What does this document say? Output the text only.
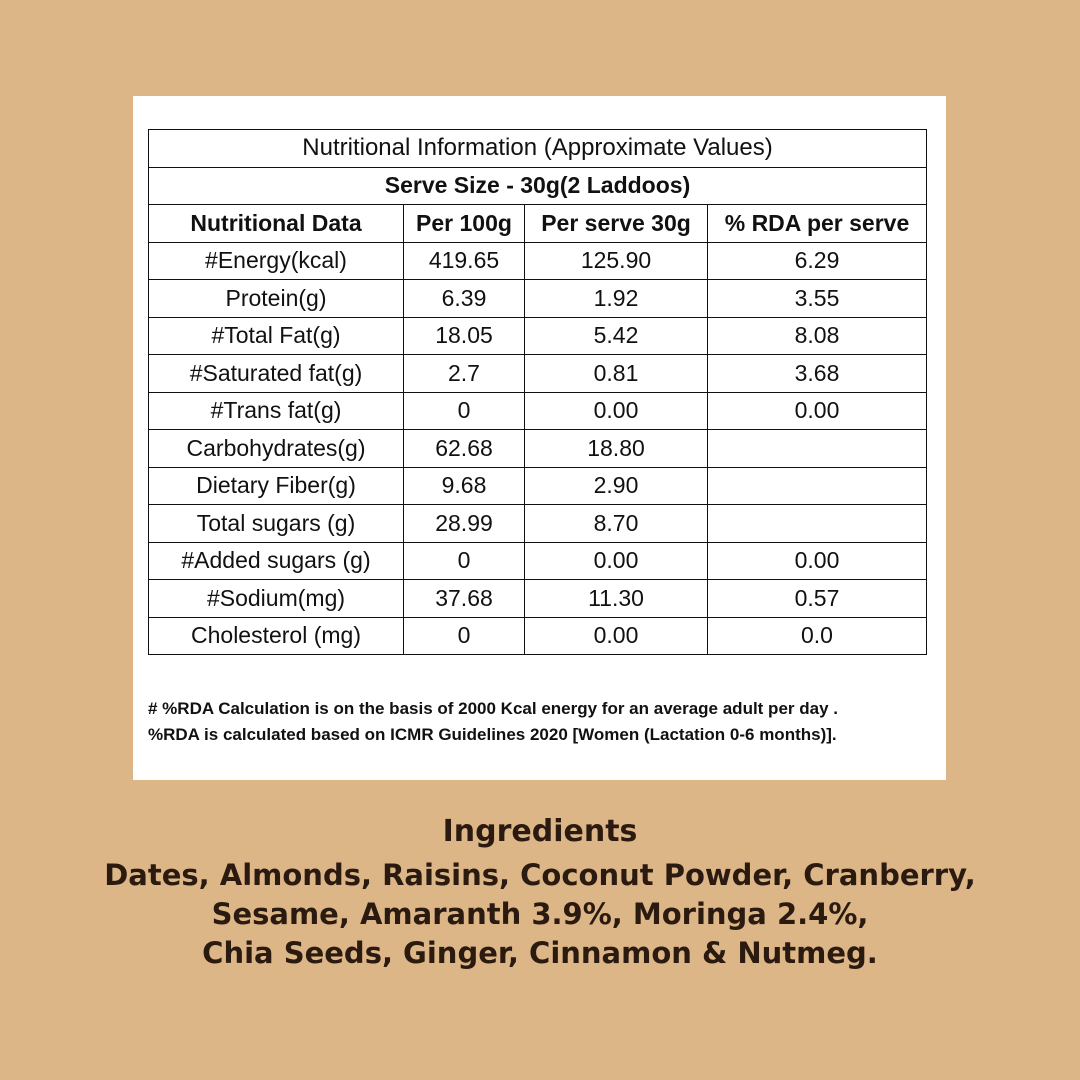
Nutritional Information (Approximate Values)			
Serve Size - 30g(2 Laddoos)			
Nutritional Data	Per 100g	Per serve 30g	% RDA per serve
#Energy(kcal)	419.65	125.90	6.29
Protein(g)	6.39	1.92	3.55
#Total Fat(g)	18.05	5.42	8.08
#Saturated fat(g)	2.7	0.81	3.68
#Trans fat(g)	0	0.00	0.00
Carbohydrates(g)	62.68	18.80	
Dietary Fiber(g)	9.68	2.90	
Total sugars (g)	28.99	8.70	
#Added sugars (g)	0	0.00	0.00
#Sodium(mg)	37.68	11.30	0.57
Cholesterol (mg)	0	0.00	0.0
# %RDA Calculation is on the basis of 2000 Kcal energy for an average adult per day .
%RDA is calculated based on ICMR Guidelines 2020 [Women (Lactation 0-6 months)].
Ingredients
Dates, Almonds, Raisins, Coconut Powder, Cranberry,
Sesame, Amaranth 3.9%, Moringa 2.4%,
Chia Seeds, Ginger, Cinnamon & Nutmeg.
